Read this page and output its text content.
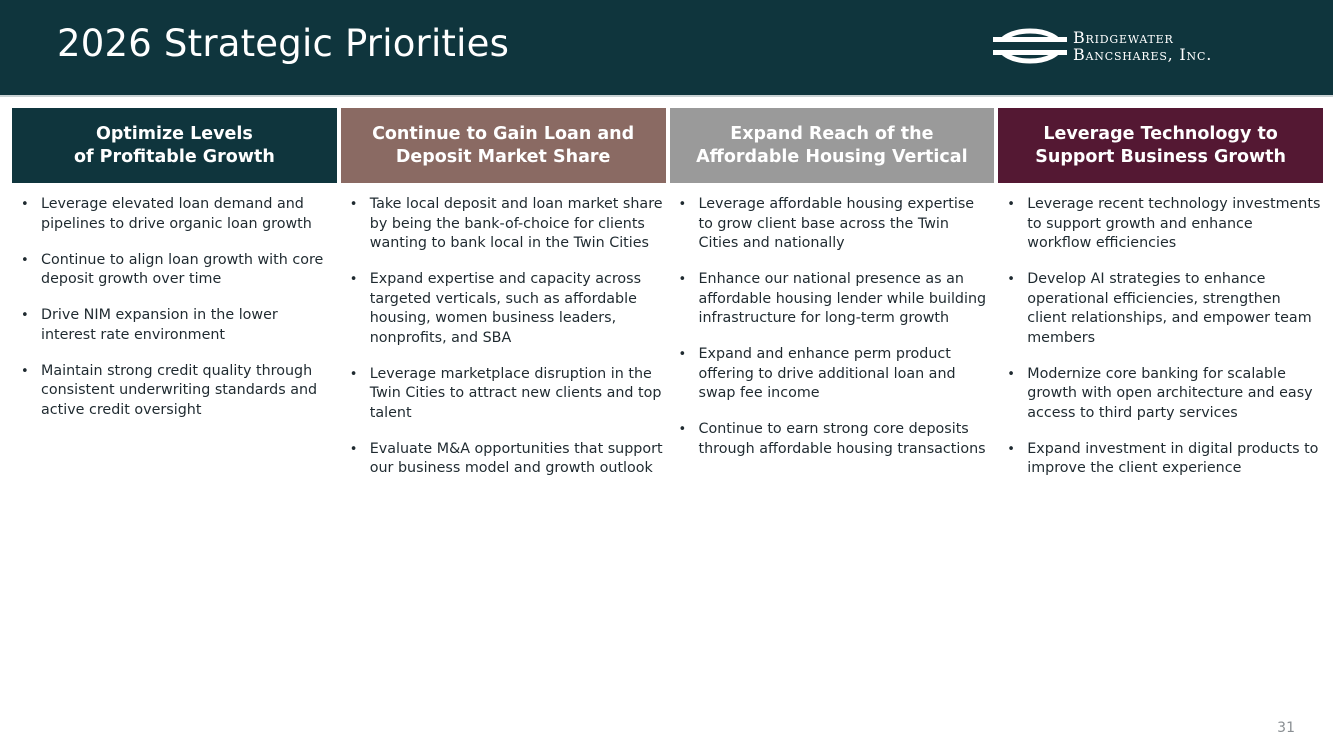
2026 Strategic Priorities	Bridgewater
Bancshares, Inc.
Optimize Levels
of Profitable Growth
• Leverage elevated loan demand and pipelines to drive organic loan growth
• Continue to align loan growth with core deposit growth over time
• Drive NIM expansion in the lower interest rate environment
• Maintain strong credit quality through consistent underwriting standards and active credit oversight
Continue to Gain Loan and
Deposit Market Share
• Take local deposit and loan market share by being the bank-of-choice for clients wanting to bank local in the Twin Cities
• Expand expertise and capacity across targeted verticals, such as affordable housing, women business leaders, nonprofits, and SBA
• Leverage marketplace disruption in the Twin Cities to attract new clients and top talent
• Evaluate M&A opportunities that support our business model and growth outlook
Expand Reach of the
Affordable Housing Vertical
• Leverage affordable housing expertise to grow client base across the Twin Cities and nationally
• Enhance our national presence as an affordable housing lender while building infrastructure for long-term growth
• Expand and enhance perm product offering to drive additional loan and swap fee income
• Continue to earn strong core deposits through affordable housing transactions
Leverage Technology to
Support Business Growth
• Leverage recent technology investments to support growth and enhance workflow efficiencies
• Develop AI strategies to enhance operational efficiencies, strengthen client relationships, and empower team members
• Modernize core banking for scalable growth with open architecture and easy access to third party services
• Expand investment in digital products to improve the client experience
31
